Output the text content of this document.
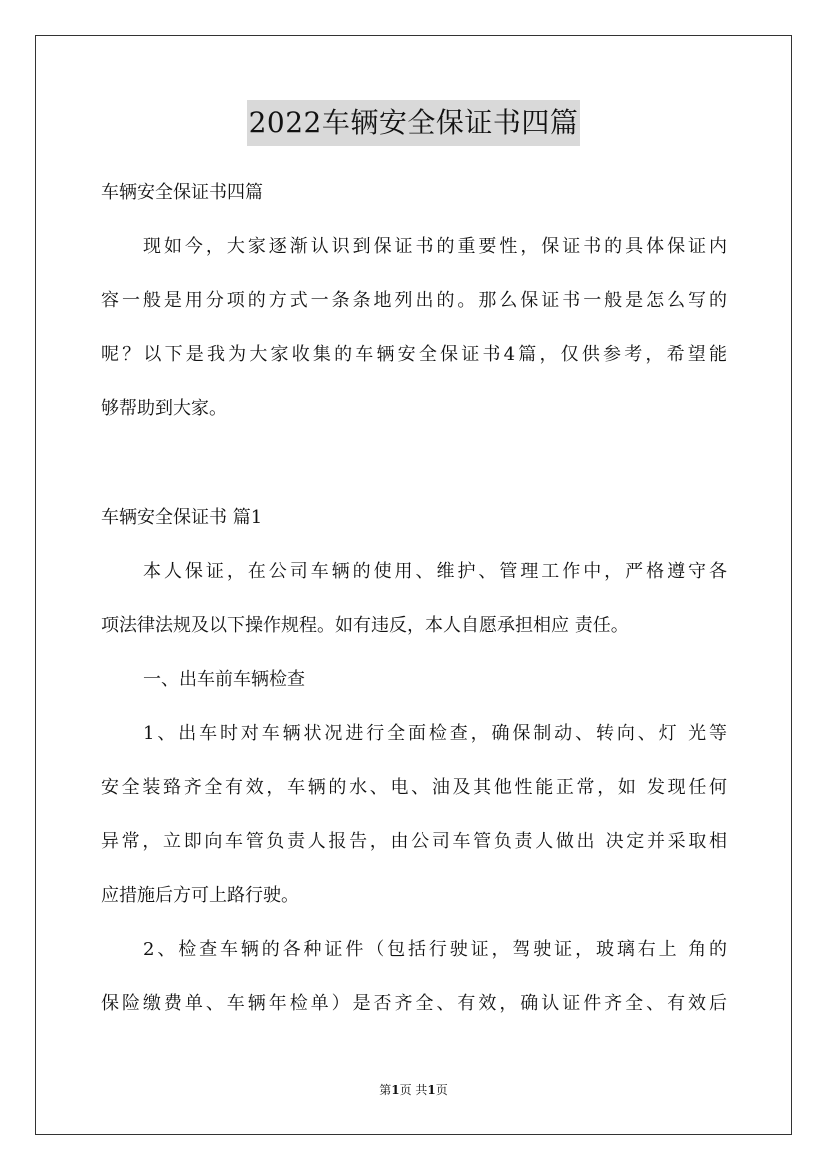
2022车辆安全保证书四篇
车辆安全保证书四篇
现如今，大家逐渐认识到保证书的重要性，保证书的具体保证内
容一般是用分项的方式一条条地列出的。那么保证书一般是怎么写的
呢？以下是我为大家收集的车辆安全保证书4篇，仅供参考，希望能
够帮助到大家。
车辆安全保证书 篇1
本人保证，在公司车辆的使用、维护、管理工作中，严格遵守各
项法律法规及以下操作规程。如有违反，本人自愿承担相应 责任。
一、出车前车辆检查
1、出车时对车辆状况进行全面检查，确保制动、转向、灯 光等
安全装臵齐全有效，车辆的水、电、油及其他性能正常，如 发现任何
异常，立即向车管负责人报告，由公司车管负责人做出 决定并采取相
应措施后方可上路行驶。
2、检查车辆的各种证件（包括行驶证，驾驶证，玻璃右上 角的
保险缴费单、车辆年检单）是否齐全、有效，确认证件齐全、有效后
第1页 共1页
